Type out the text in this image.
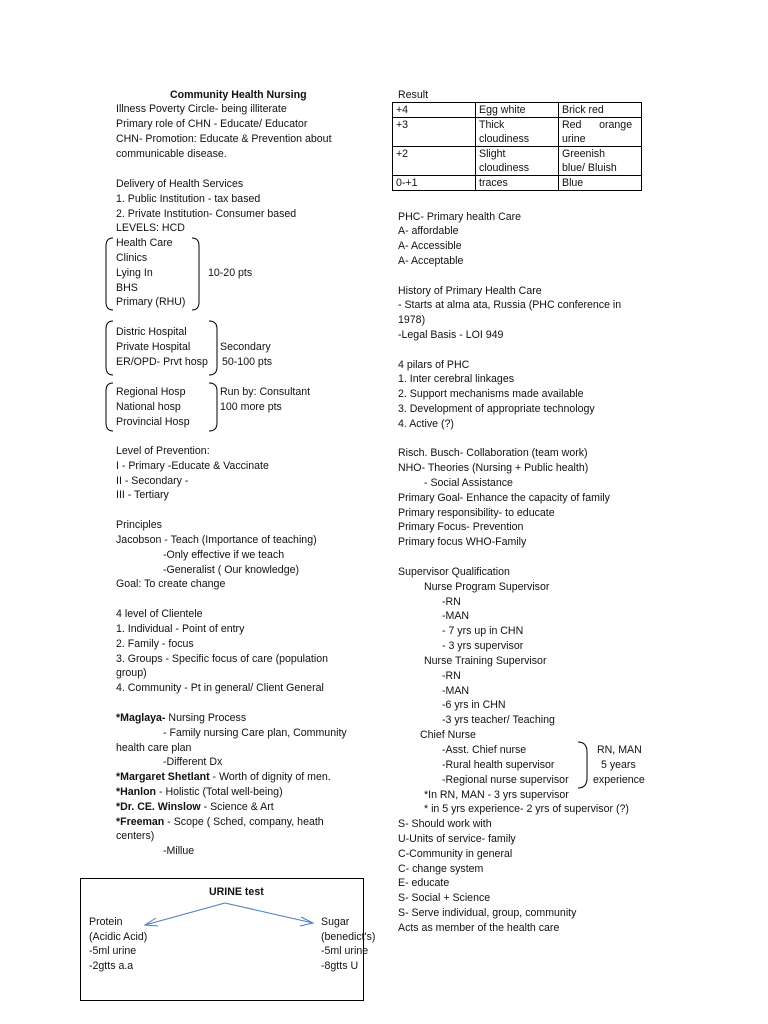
Community Health Nursing
Illness Poverty Circle- being illiterate
Primary role of CHN - Educate/ Educator
CHN- Promotion: Educate & Prevention about
communicable disease.
Delivery of Health Services
1. Public Institution - tax based
2. Private Institution- Consumer based
LEVELS: HCD
Health Care
Clinics
Lying In
BHS
Primary (RHU)
10-20 pts
Distric Hospital
Private Hospital
ER/OPD- Prvt hosp
Secondary
50-100 pts
Regional Hosp
National hosp
Provincial Hosp
Run by: Consultant
100 more pts
Level of Prevention:
I - Primary -Educate & Vaccinate
II - Secondary -
III - Tertiary
Principles
Jacobson - Teach (Importance of teaching)
-Only effective if we teach
-Generalist ( Our knowledge)
Goal: To create change
4 level of Clientele
1. Individual - Point of entry
2. Family - focus
3. Groups - Specific focus of care (population
group)
4. Community - Pt in general/ Client General
*Maglaya- Nursing Process
- Family nursing Care plan, Community
health care plan
-Different Dx
*Margaret Shetlant - Worth of dignity of men.
*Hanlon - Holistic (Total well-being)
*Dr. CE. Winslow - Science & Art
*Freeman - Scope ( Sched, company, heath
centers)
-Millue
URINE test
Protein
(Acidic Acid)
-5ml urine
-2gtts a.a
Sugar
(benedict's)
-5ml urine
-8gtts U
Result
+4	Egg white	Brick red
+3	Thick
cloudiness	Red      orange
urine
+2	Slight
cloudiness	Greenish
blue/ Bluish
0-+1	traces	Blue
PHC- Primary health Care
A- affordable
A- Accessible
A- Acceptable
History of Primary Health Care
- Starts at alma ata, Russia (PHC conference in
1978)
-Legal Basis - LOI 949
4 pilars of PHC
1. Inter cerebral linkages
2. Support mechanisms made available
3. Development of appropriate technology
4. Active (?)
Risch. Busch- Collaboration (team work)
NHO- Theories (Nursing + Public health)
- Social Assistance
Primary Goal- Enhance the capacity of family
Primary responsibility- to educate
Primary Focus- Prevention
Primary focus WHO-Family
Supervisor Qualification
Nurse Program Supervisor
-RN
-MAN
- 7 yrs up in CHN
- 3 yrs supervisor
Nurse Training Supervisor
-RN
-MAN
-6 yrs in CHN
-3 yrs teacher/ Teaching
Chief Nurse
-Asst. Chief nurse
-Rural health supervisor
-Regional nurse supervisor
RN, MAN
5 years
experience
*In RN, MAN - 3 yrs supervisor
* in 5 yrs experience- 2 yrs of supervisor (?)
S- Should work with
U-Units of service- family
C-Community in general
C- change system
E- educate
S- Social + Science
S- Serve individual, group, community
Acts as member of the health care
